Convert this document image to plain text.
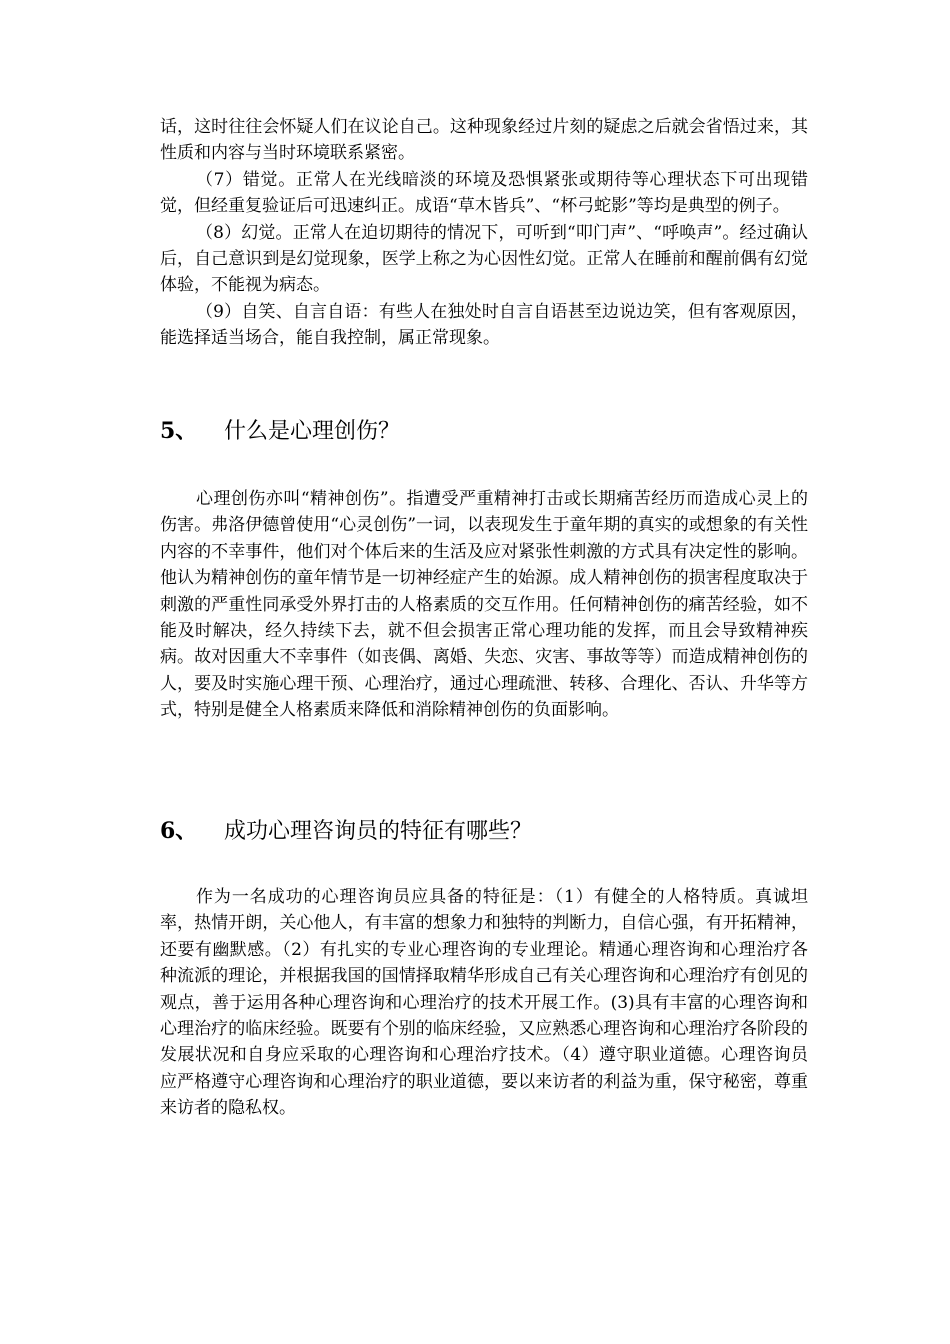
话，这时往往会怀疑人们在议论自己。这种现象经过片刻的疑虑之后就会省悟过来，其性质和内容与当时环境联系紧密。

（7）错觉。正常人在光线暗淡的环境及恐惧紧张或期待等心理状态下可出现错觉，但经重复验证后可迅速纠正。成语“草木皆兵”、“杯弓蛇影”等均是典型的例子。

（8）幻觉。正常人在迫切期待的情况下，可听到“叩门声”、“呼唤声”。经过确认后，自己意识到是幻觉现象，医学上称之为心因性幻觉。正常人在睡前和醒前偶有幻觉体验，不能视为病态。

（9）自笑、自言自语：有些人在独处时自言自语甚至边说边笑，但有客观原因，能选择适当场合，能自我控制，属正常现象。

5、 什么是心理创伤？

心理创伤亦叫“精神创伤”。指遭受严重精神打击或长期痛苦经历而造成心灵上的伤害。弗洛伊德曾使用“心灵创伤”一词，以表现发生于童年期的真实的或想象的有关性内容的不幸事件，他们对个体后来的生活及应对紧张性刺激的方式具有决定性的影响。他认为精神创伤的童年情节是一切神经症产生的始源。成人精神创伤的损害程度取决于刺激的严重性同承受外界打击的人格素质的交互作用。任何精神创伤的痛苦经验，如不能及时解决，经久持续下去，就不但会损害正常心理功能的发挥，而且会导致精神疾病。故对因重大不幸事件（如丧偶、离婚、失恋、灾害、事故等等）而造成精神创伤的人，要及时实施心理干预、心理治疗，通过心理疏泄、转移、合理化、否认、升华等方式，特别是健全人格素质来降低和消除精神创伤的负面影响。

6、 成功心理咨询员的特征有哪些？

作为一名成功的心理咨询员应具备的特征是：（1）有健全的人格特质。真诚坦率，热情开朗，关心他人，有丰富的想象力和独特的判断力，自信心强，有开拓精神，还要有幽默感。（2）有扎实的专业心理咨询的专业理论。精通心理咨询和心理治疗各种流派的理论，并根据我国的国情择取精华形成自己有关心理咨询和心理治疗有创见的观点，善于运用各种心理咨询和心理治疗的技术开展工作。(3)具有丰富的心理咨询和心理治疗的临床经验。既要有个别的临床经验，又应熟悉心理咨询和心理治疗各阶段的发展状况和自身应采取的心理咨询和心理治疗技术。（4）遵守职业道德。心理咨询员应严格遵守心理咨询和心理治疗的职业道德，要以来访者的利益为重，保守秘密，尊重来访者的隐私权。
